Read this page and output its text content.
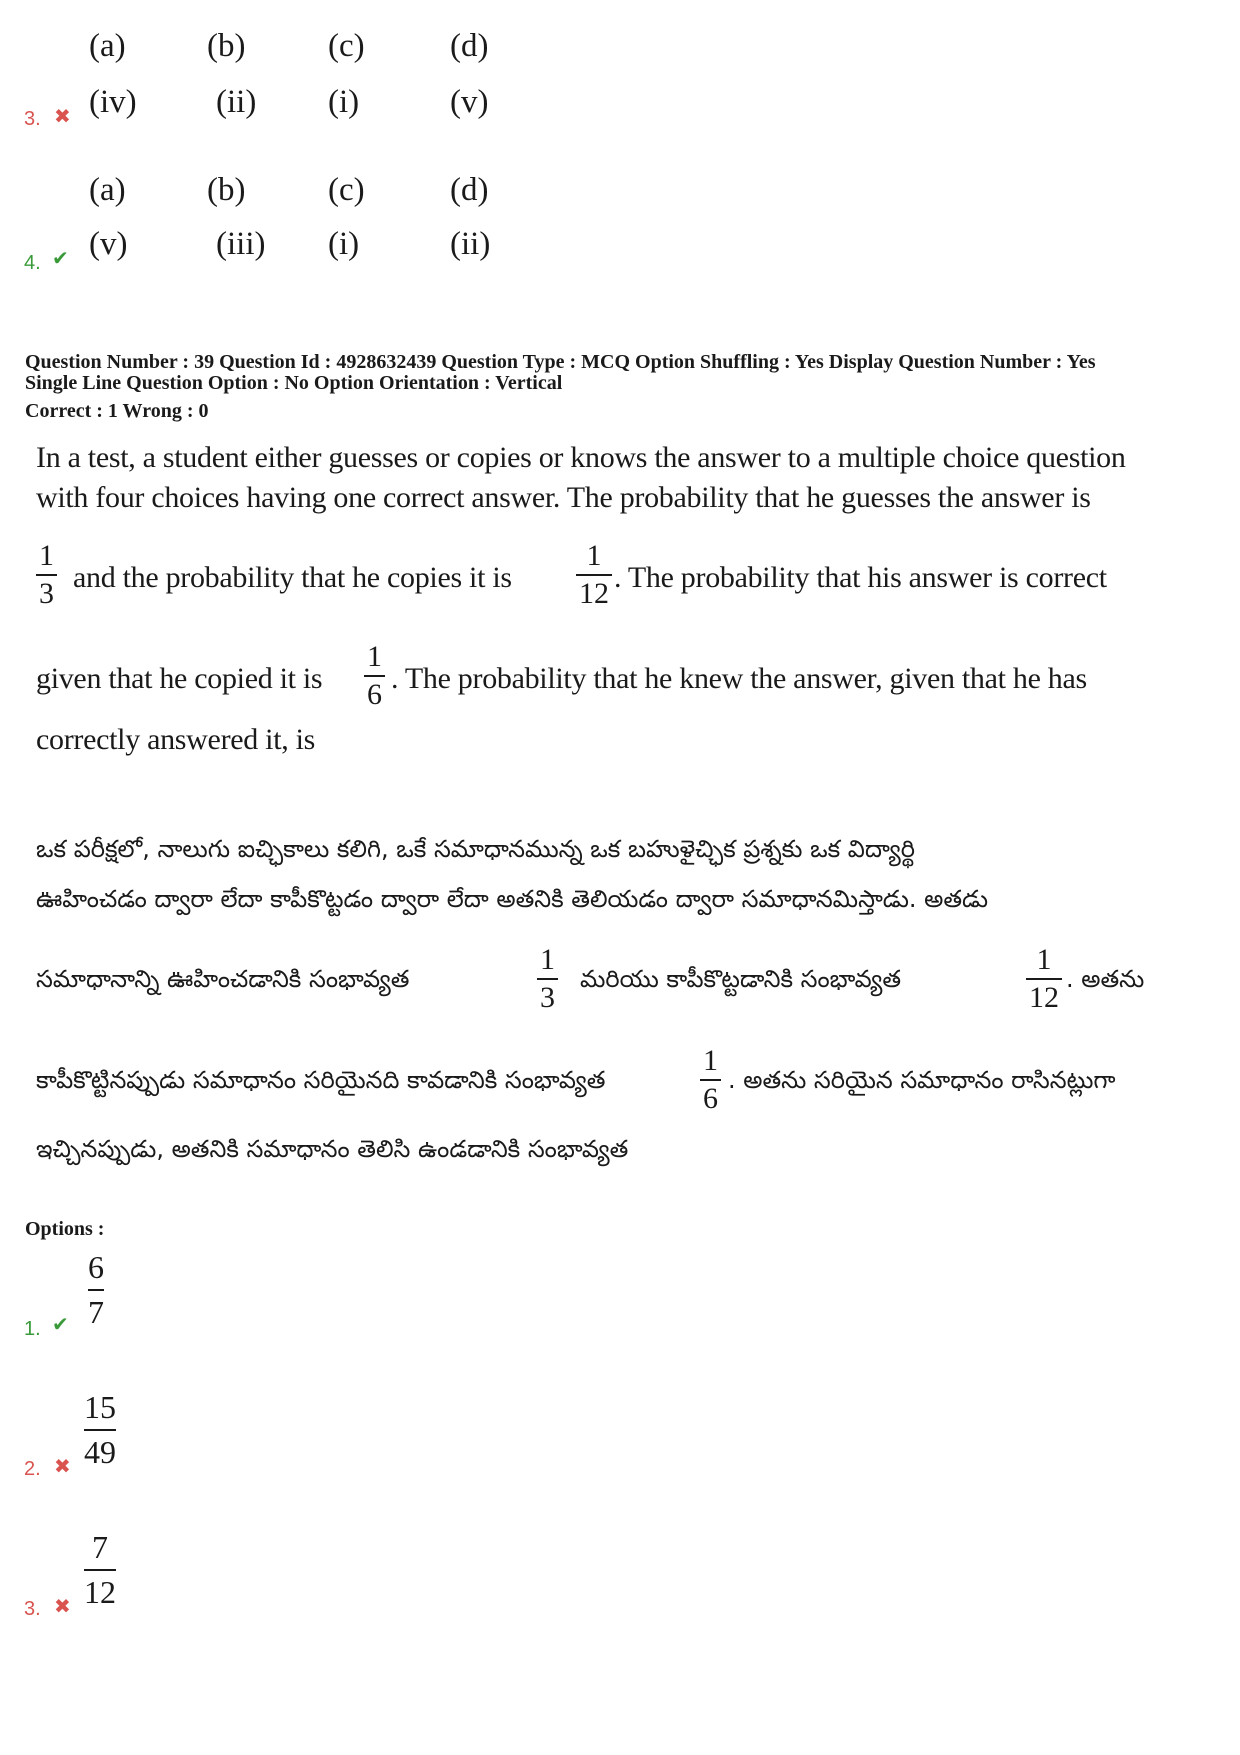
(a) (b)	(c)	(d)
3. ✖ (iv) (ii) (i)	(v)
(a) (b)	(c)	(d)
4. ✔ (v)	(iii) (i)	(ii)
Question Number : 39 Question Id : 4928632439 Question Type : MCQ Option Shuffling : Yes Display Question Number : Yes
Single Line Question Option : No Option Orientation : Vertical
Correct : 1 Wrong : 0
In a test, a student either guesses or copies or knows the answer to a multiple choice question
with four choices having one correct answer. The probability that he guesses the answer is
1
3 and the probability that he copies it is
1
12 . The probability that his answer is correct
given that he copied it is
1
6 . The probability that he knew the answer, given that he has
correctly answered it, is
ఒక పరీక్షలో, నాలుగు ఐచ్ఛికాలు కలిగి, ఒకే సమాధానమున్న ఒక బహుళైచ్ఛిక ప్రశ్నకు ఒక విద్యార్థి
ఊహించడం ద్వారా లేదా కాపీకొట్టడం ద్వారా లేదా అతనికి తెలియడం ద్వారా సమాధానమిస్తాడు. అతడు
సమాధానాన్ని ఊహించడానికి సంభావ్యత
1
3
మరియు కాపీకొట్టడానికి సంభావ్యత
1
12
. అతను
కాపీకొట్టినప్పుడు సమాధానం సరియైనది కావడానికి సంభావ్యత
1
6
. అతను సరియైన సమాధానం రాసినట్లుగా
ఇచ్చినప్పుడు, అతనికి సమాధానం తెలిసి ఉండడానికి సంభావ్యత
Options :
6
7
1. ✔
15
49
2. ✖
7
12
3. ✖
